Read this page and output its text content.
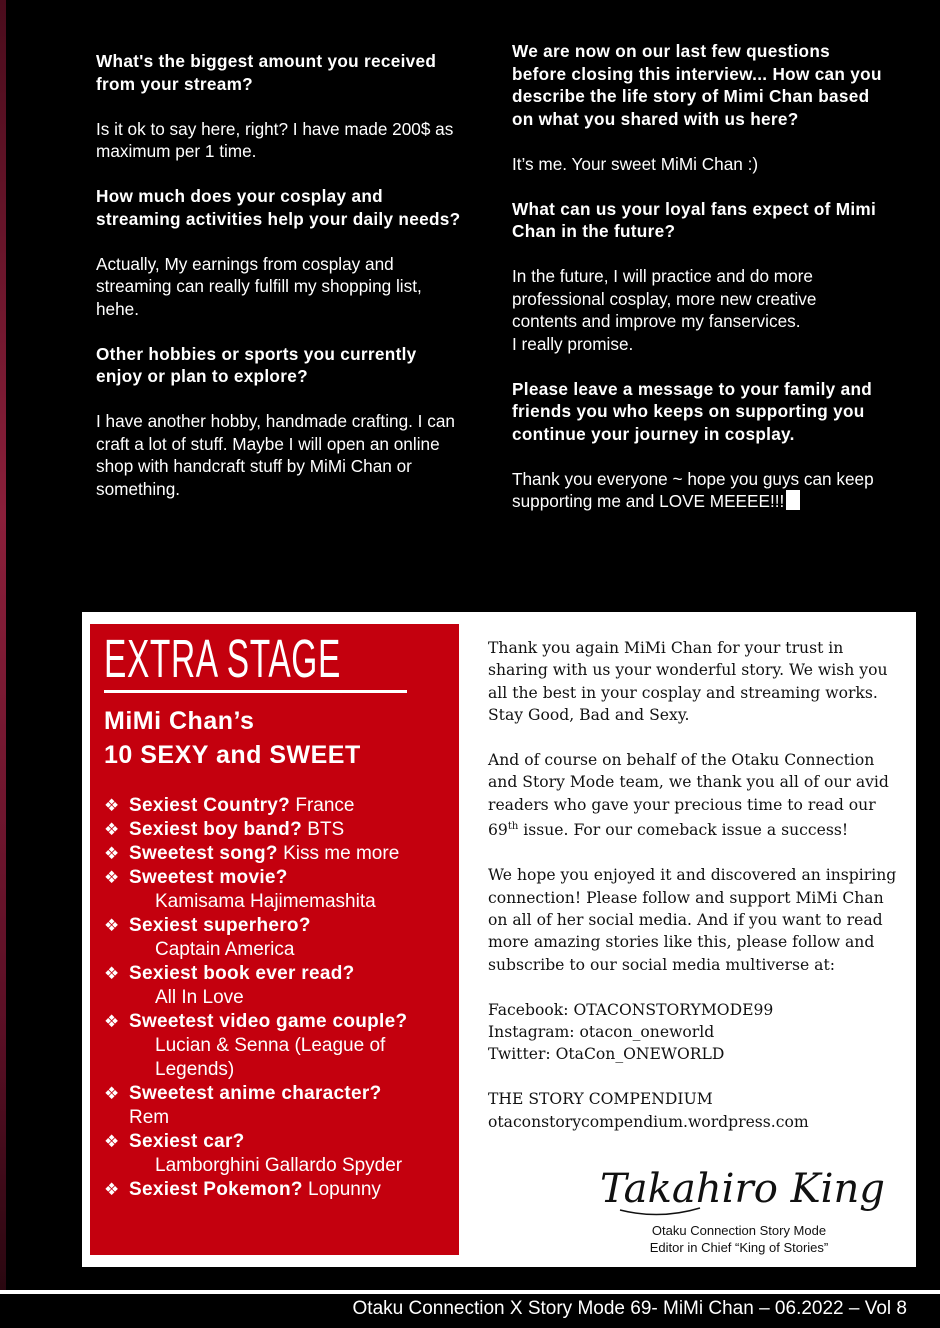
What's the biggest amount you received from your stream?

Is it ok to say here, right? I have made 200$ as maximum per 1 time.

How much does your cosplay and streaming activities help your daily needs?

Actually, My earnings from cosplay and streaming can really fulfill my shopping list, hehe.

Other hobbies or sports you currently enjoy or plan to explore?

I have another hobby, handmade crafting. I can craft a lot of stuff. Maybe I will open an online shop with handcraft stuff by MiMi Chan or something.

We are now on our last few questions before closing this interview... How can you describe the life story of Mimi Chan based on what you shared with us here?

It’s me. Your sweet MiMi Chan :)

What can us your loyal fans expect of Mimi Chan in the future?

In the future, I will practice and do more professional cosplay, more new creative contents and improve my fanservices.

I really promise.

Please leave a message to your family and friends you who keeps on supporting you continue your journey in cosplay.

Thank you everyone ~ hope you guys can keep supporting me and LOVE MEEEE!!!

EXTRA STAGE
MiMi Chan’s
10 SEXY and SWEET
❖ Sexiest Country? France
❖ Sexiest boy band? BTS
❖ Sweetest song? Kiss me more
❖ Sweetest movie?
Kamisama Hajimemashita
❖ Sexiest superhero?
Captain America
❖ Sexiest book ever read?
All In Love
❖ Sweetest video game couple?
Lucian & Senna (League of Legends)
❖ Sweetest anime character?
Rem
❖ Sexiest car?
Lamborghini Gallardo Spyder
❖ Sexiest Pokemon? Lopunny

Thank you again MiMi Chan for your trust in sharing with us your wonderful story. We wish you all the best in your cosplay and streaming works. Stay Good, Bad and Sexy.

And of course on behalf of the Otaku Connection and Story Mode team, we thank you all of our avid readers who gave your precious time to read our 69th issue. For our comeback issue a success!

We hope you enjoyed it and discovered an inspiring connection! Please follow and support MiMi Chan on all of her social media. And if you want to read more amazing stories like this, please follow and subscribe to our social media multiverse at:

Facebook: OTACONSTORYMODE99

Instagram: otacon_oneworld

Twitter: OtaCon_ONEWORLD

THE STORY COMPENDIUM

otaconstorycompendium.wordpress.com

Takahiro King
Otaku Connection Story Mode
Editor in Chief “King of Stories”
Otaku Connection X Story Mode 69- MiMi Chan – 06.2022 – Vol 8
